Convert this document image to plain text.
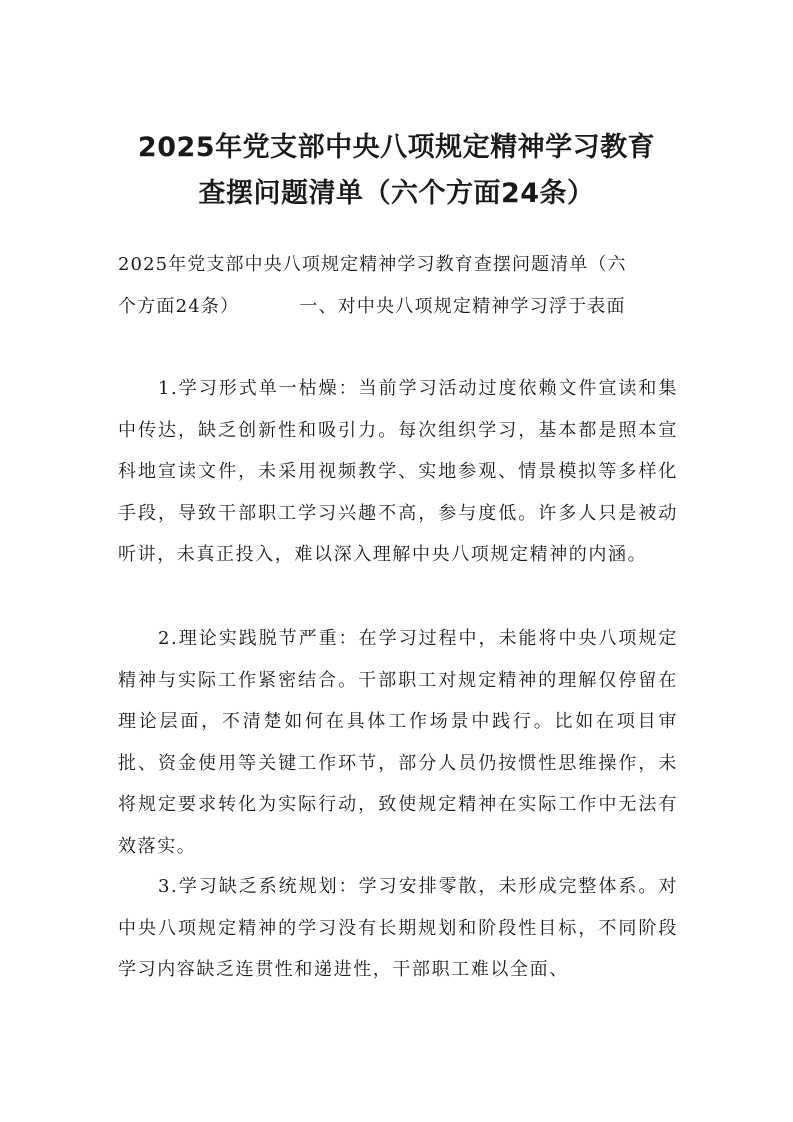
2025年党支部中央八项规定精神学习教育
查摆问题清单（六个方面24条）
2025年党支部中央八项规定精神学习教育查摆问题清单（六
个方面24条）	一、对中央八项规定精神学习浮于表面

1.学习形式单一枯燥：当前学习活动过度依赖文件宣读和集中传达，缺乏创新性和吸引力。每次组织学习，基本都是照本宣科地宣读文件，未采用视频教学、实地参观、情景模拟等多样化手段，导致干部职工学习兴趣不高，参与度低。许多人只是被动听讲，未真正投入，难以深入理解中央八项规定精神的内涵。

2.理论实践脱节严重：在学习过程中，未能将中央八项规定精神与实际工作紧密结合。干部职工对规定精神的理解仅停留在理论层面，不清楚如何在具体工作场景中践行。比如在项目审批、资金使用等关键工作环节，部分人员仍按惯性思维操作，未将规定要求转化为实际行动，致使规定精神在实际工作中无法有效落实。

3.学习缺乏系统规划：学习安排零散，未形成完整体系。对中央八项规定精神的学习没有长期规划和阶段性目标，不同阶段学习内容缺乏连贯性和递进性，干部职工难以全面、
